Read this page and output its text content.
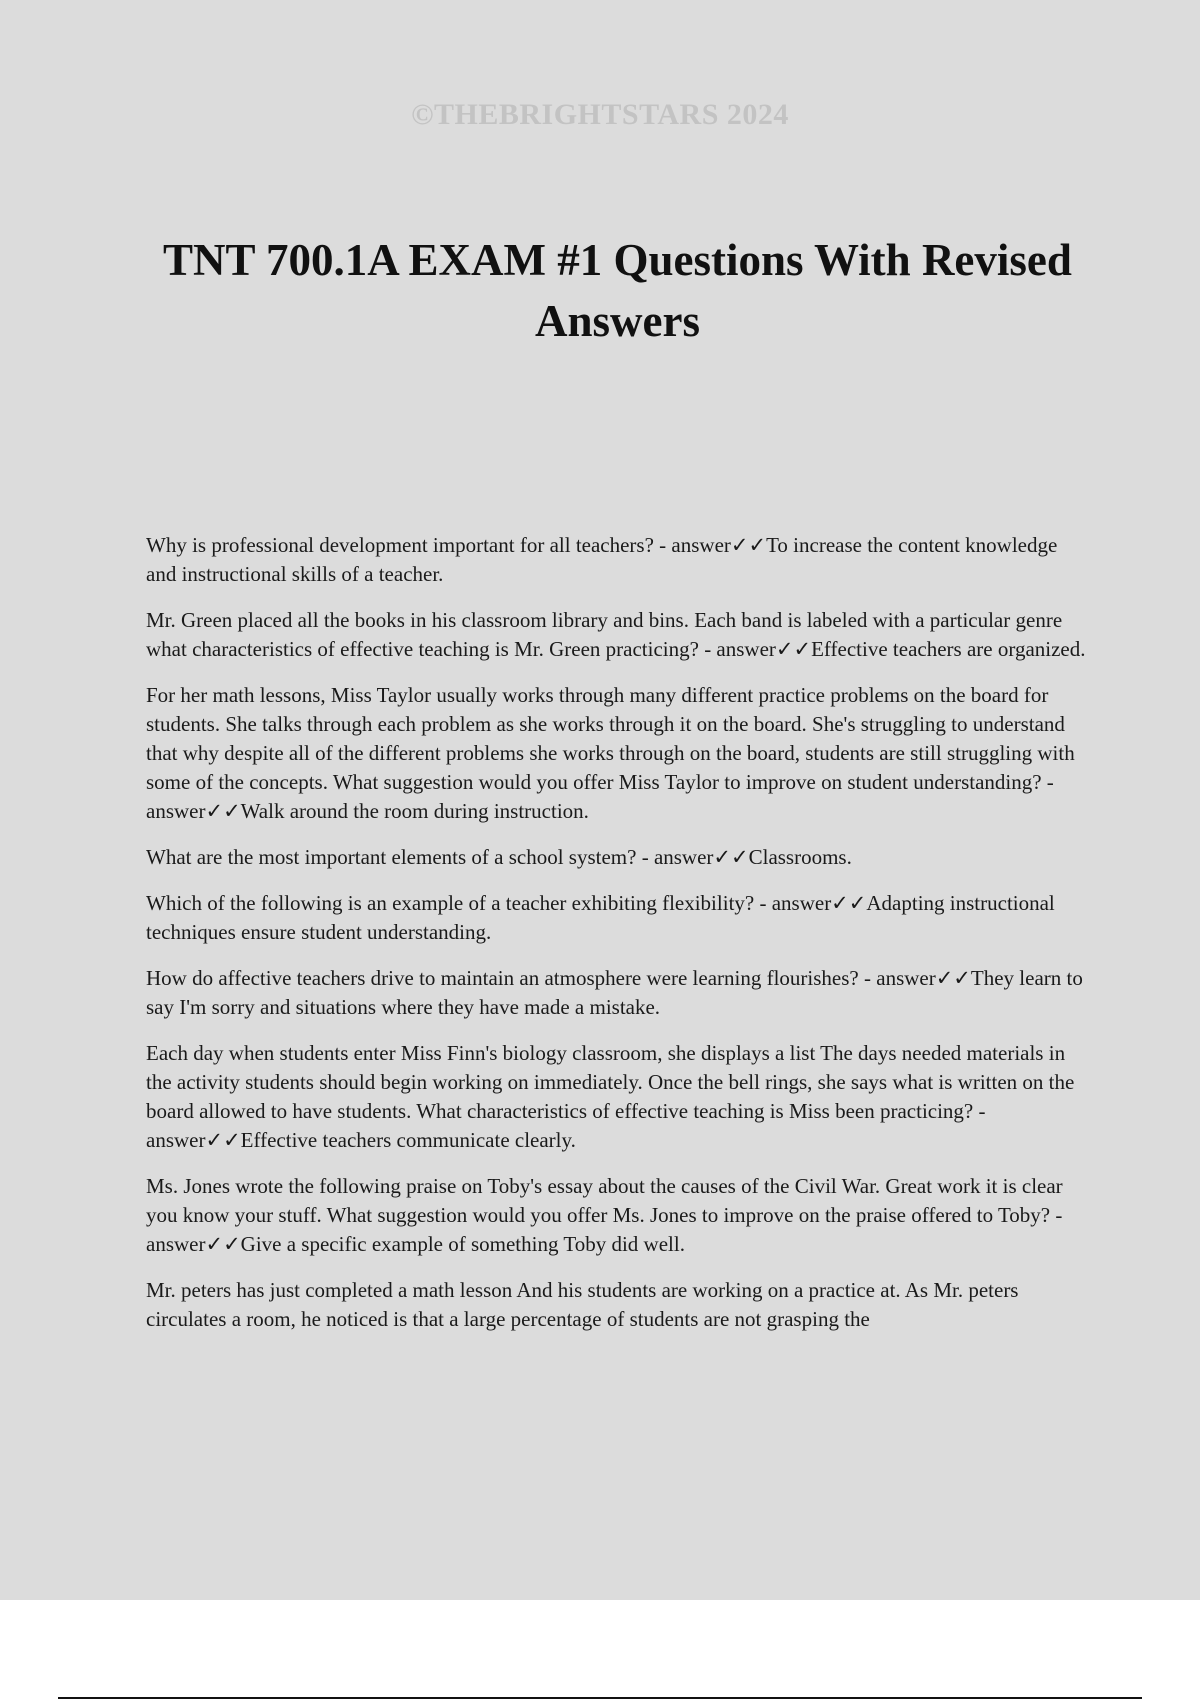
©THEBRIGHTSTARS 2024
TNT 700.1A EXAM #1 Questions With Revised Answers

Why is professional development important for all teachers? - answer✓✓To increase the content knowledge and instructional skills of a teacher.

Mr. Green placed all the books in his classroom library and bins. Each band is labeled with a particular genre what characteristics of effective teaching is Mr. Green practicing? - answer✓✓Effective teachers are organized.

For her math lessons, Miss Taylor usually works through many different practice problems on the board for students. She talks through each problem as she works through it on the board. She's struggling to understand that why despite all of the different problems she works through on the board, students are still struggling with some of the concepts. What suggestion would you offer Miss Taylor to improve on student understanding? - answer✓✓Walk around the room during instruction.

What are the most important elements of a school system? - answer✓✓Classrooms.

Which of the following is an example of a teacher exhibiting flexibility? - answer✓✓Adapting instructional techniques ensure student understanding.

How do affective teachers drive to maintain an atmosphere were learning flourishes? - answer✓✓They learn to say I'm sorry and situations where they have made a mistake.

Each day when students enter Miss Finn's biology classroom, she displays a list The days needed materials in the activity students should begin working on immediately. Once the bell rings, she says what is written on the board allowed to have students. What characteristics of effective teaching is Miss been practicing? - answer✓✓Effective teachers communicate clearly.

Ms. Jones wrote the following praise on Toby's essay about the causes of the Civil War. Great work it is clear you know your stuff. What suggestion would you offer Ms. Jones to improve on the praise offered to Toby? - answer✓✓Give a specific example of something Toby did well.

Mr. peters has just completed a math lesson And his students are working on a practice at. As Mr. peters circulates a room, he noticed is that a large percentage of students are not grasping the
